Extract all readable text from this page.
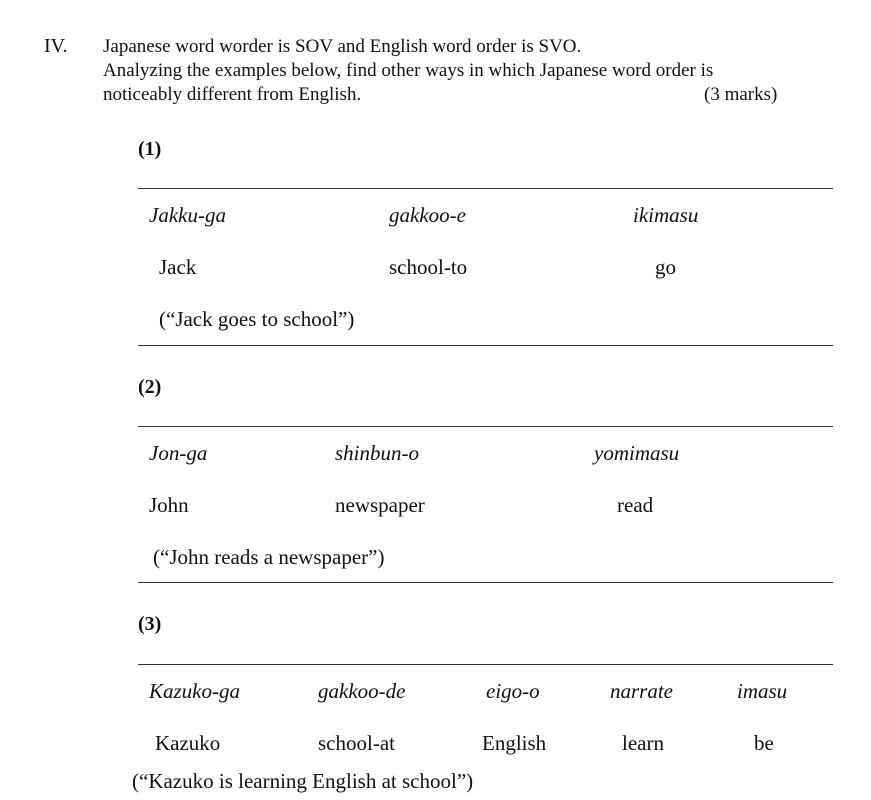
IV. Japanese word worder is SOV and English word order is SVO.
Analyzing the examples below, find other ways in which Japanese word order is
noticeably different from English.	(3 marks)
(1)
Jakku-ga	gakkoo-e	ikimasu
Jack	school-to	go
(“Jack goes to school”)
(2)
Jon-ga	shinbun-o	yomimasu
John	newspaper	read
(“John reads a newspaper”)
(3)
Kazuko-ga	gakkoo-de	eigo-o	narrate	imasu
Kazuko	school-at	English	learn	be
(“Kazuko is learning English at school”)
